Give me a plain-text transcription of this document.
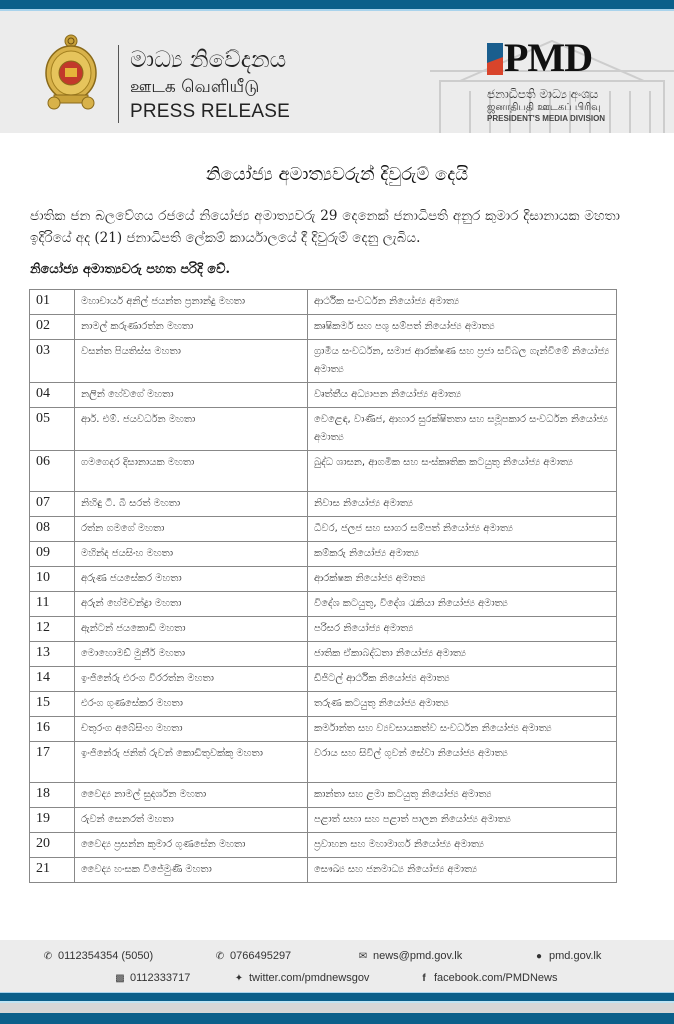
මාධ්‍ය නිවේදනය
ஊடக வெளியீடு
PRESS RELEASE
PMD
ජනාධිපති මාධ්‍ය අංශය
ஜனாதிபதி ஊடகப் பிரிவு
PRESIDENT'S MEDIA DIVISION
නියෝජ්‍ය අමාත්‍යවරුන් දිවුරුම් දෙයි
ජාතික ජන බලවේගය රජයේ නියෝජ්‍ය අමාත්‍යවරු 29 දෙනෙක් ජනාධිපති අනුර කුමාර දිසානායක මහතා ඉදිරියේ අද (21) ජනාධිපති ලේකම් කාර්යාලයේ දී දිවුරුම් දෙනු ලැබිය.
නියෝජ්‍ය අමාත්‍යවරු පහත පරිදි වේ.
01	මහාචාර්ය අනිල් ජයන්ත ප්‍රනාන්දු මහතා	ආර්ථික සංවර්ධන නියෝජ්‍ය අමාත්‍ය
02	නාමල් කරුණාරත්න මහතා	කෘෂිකර්ම සහ පශු සම්පත් නියෝජ්‍ය අමාත්‍ය
03	වසන්ත පියතිස්ස මහතා	ග්‍රාමීය සංවර්ධන, සමාජ ආරක්ෂණ සහ ප්‍රජා සවිබල ගැන්වීමේ නියෝජ්‍ය අමාත්‍ය
04	නලින් හේවගේ මහතා	වෘත්තීය අධ්‍යාපන නියෝජ්‍ය අමාත්‍ය
05	ආර්. එම්. ජයවර්ධන මහතා	වෙළෙඳ, වාණිජ, ආහාර සුරක්ෂිතතා සහ සමූපකාර සංවර්ධන නියෝජ්‍ය අමාත්‍ය
06	ගමගෙදර දිසානායක මහතා	බුද්ධ ශාසන, ආගමික සහ සංස්කෘතික කටයුතු නියෝජ්‍ය අමාත්‍ය
07	නිහිඳු ටී. බී සරත් මහතා	නිවාස නියෝජ්‍ය අමාත්‍ය
08	රත්න ගමගේ මහතා	ධීවර, ජලජ සහ සාගර සම්පත් නියෝජ්‍ය අමාත්‍ය
09	මහින්ද ජයසිංහ මහතා	කම්කරු නියෝජ්‍ය අමාත්‍ය
10	අරුණ ජයසේකර මහතා	ආරක්ෂක නියෝජ්‍ය අමාත්‍ය
11	අරුන් හේමචන්ද්‍රා මහතා	විදේශ කටයුතු, විදේශ රැකියා නියෝජ්‍ය අමාත්‍ය
12	ඇන්ටන් ජයකොඩි මහතා	පරිසර නියෝජ්‍ය අමාත්‍ය
13	මොහොමඩ් මුනීර් මහතා	ජාතික ඒකාබද්ධතා නියෝජ්‍ය අමාත්‍ය
14	ඉංජිනේරු එරංග වීරරත්න මහතා	ඩිජිටල් ආර්ථික නියෝජ්‍ය අමාත්‍ය
15	එරංග ගුණසේකර මහතා	තරුණ කටයුතු නියෝජ්‍ය අමාත්‍ය
16	චතුරංග අබේසිංහ මහතා	කර්මාන්ත සහ ව්‍යවසායකත්ව සංවර්ධන නියෝජ්‍ය අමාත්‍ය
17	ඉංජිනේරු ජනිත් රුවන් කොඩිතුවක්කු මහතා	වරාය සහ සිවිල් ගුවන් සේවා නියෝජ්‍ය අමාත්‍ය
18	වෛද්‍ය නාමල් සුදර්ශන මහතා	කාන්තා සහ ළමා කටයුතු නියෝජ්‍ය අමාත්‍ය
19	රුවන් සෙනරත් මහතා	පළාත් සභා සහ පළාත් පාලන නියෝජ්‍ය අමාත්‍ය
20	වෛද්‍ය ප්‍රසන්න කුමාර ගුණසේන මහතා	ප්‍රවාහන සහ මහාමාර්ග නියෝජ්‍ය අමාත්‍ය
21	වෛද්‍ය හංසක විජේමුණි මහතා	සෞඛ්‍ය සහ ජනමාධ්‍ය නියෝජ්‍ය අමාත්‍ය
✆ 0112354354 (5050)	✆ 0766495297	✉ news@pmd.gov.lk	● pmd.gov.lk
▩ 0112333717	✦ twitter.com/pmdnewsgov	f facebook.com/PMDNews
